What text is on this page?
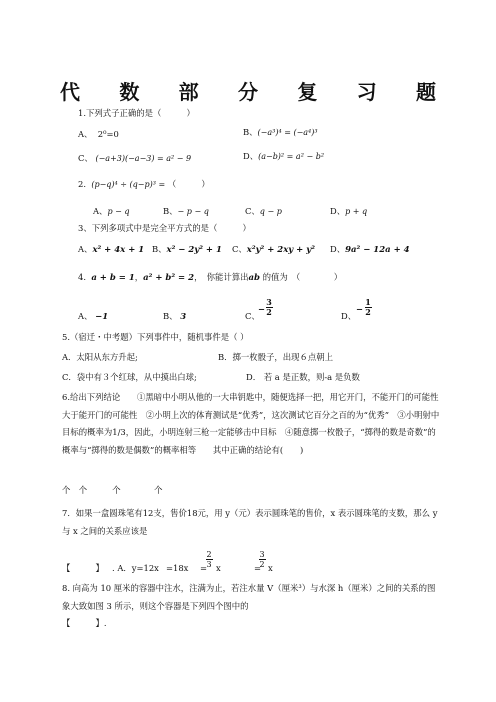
代 数 部 分 复 习 题
1.下列式子正确的是（　　　）
A、 2⁰=0	B、(−a³)⁴ = (−a⁴)³
C、 (−a+3)(−a−3) = a² − 9	D、(a−b)² = a² − b²
2. (p−q)⁴ ÷ (q−p)³ = （　　　）
A、p − q	B、− p − q	C、q − p	D、p + q
3、下列多项式中是完全平方式的是（　　　）
A、x² + 4x + 1 B、x² − 2y² + 1 C、x²y² + 2xy + y² D、9a² − 12a + 4
4. a + b = 1，a² + b² = 2，　你能计算出ab 的值为　（　　　　）
A、 −1	B、 3	C、
−
3
2	D、
−
1
2
5.（宿迁・中考题）下列事件中，随机事件是（ ）
A．太阳从东方升起;	B．掷一枚骰子，出现６点朝上
C．袋中有３个红球，从中摸出白球;	D． 若 a 是正数，则-a 是负数
6.给出下列结论　　①黑暗中小明从他的一大串钥匙中，随便选择一把，用它开门，不能开门的可能性大于能开门的可能性　②小明上次的体育测试是“优秀”，这次测试它百分之百的为“优秀”　③小明射中目标的概率为1/3，因此，小明连射三枪一定能够击中目标　④随意掷一枚骰子，“掷得的数是奇数”的概率与“掷得的数是偶数”的概率相等　　其中正确的结论有(　　)
个　个　　　个　　　　个
7．如果一盒圆珠笔有12支，售价18元，用 y（元）表示圆珠笔的售价，x 表示圆珠笔的支数，那么 y 与 x 之间的关系应该是
【　　　】 . A．y=12x =18x =
2
3 x	=
3
2 x
8. 向高为 10 厘米的容器中注水，注满为止，若注水量 V（厘米³）与水深 h（厘米）之间的关系的图象大致如图 3 所示，则这个容器是下列四个图中的
【　　　】.
